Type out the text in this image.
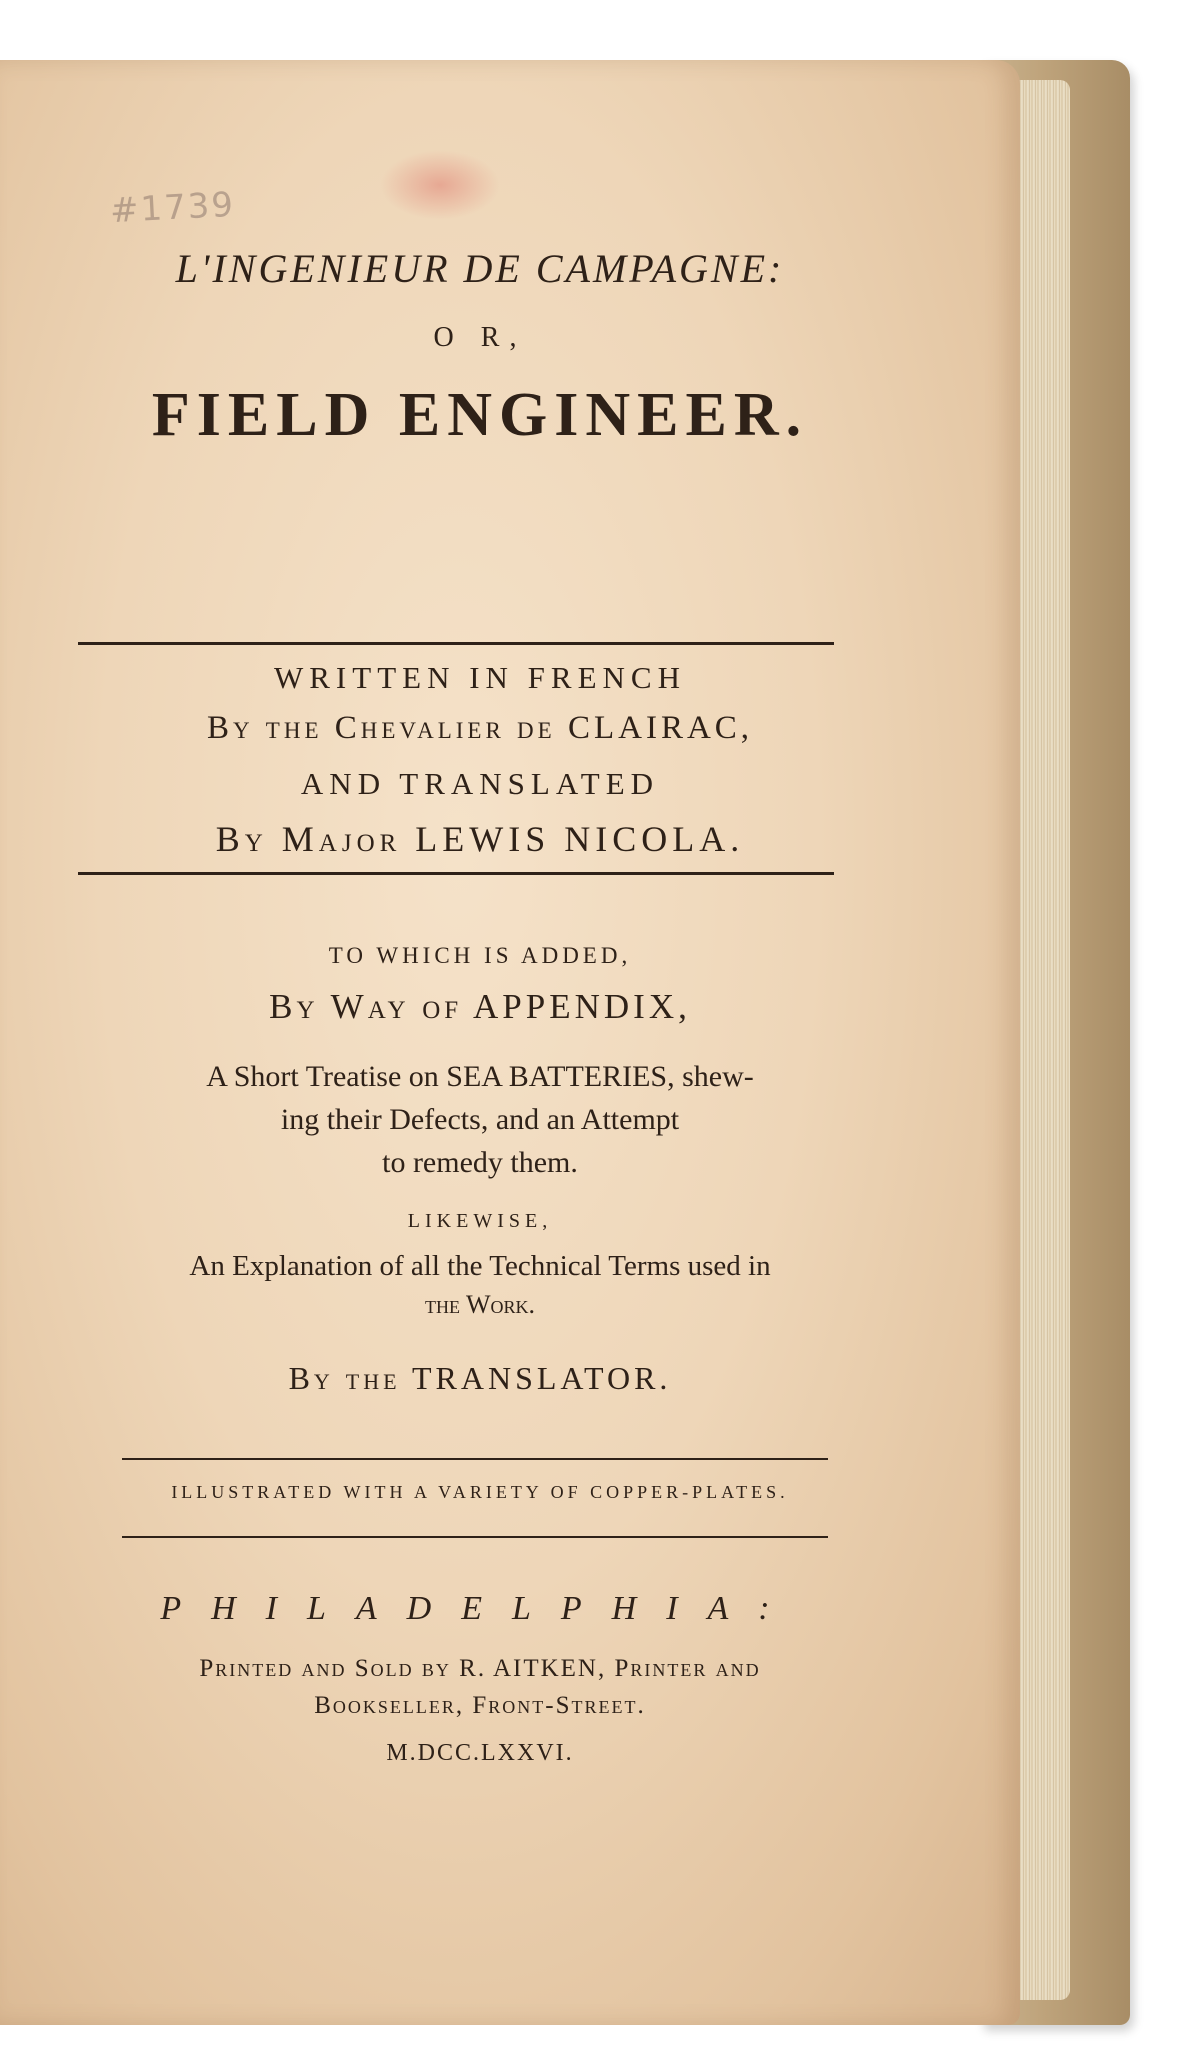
#1739
L'INGENIEUR DE CAMPAGNE:
O R,
FIELD ENGINEER.
WRITTEN IN FRENCH
By the Chevalier de CLAIRAC,
AND TRANSLATED
By Major LEWIS NICOLA.
TO WHICH IS ADDED,
By Way of APPENDIX,
A Short Treatise on SEA BATTERIES, shew-
ing their Defects, and an Attempt
to remedy them.
LIKEWISE,
An Explanation of all the Technical Terms used in
the Work.
By the TRANSLATOR.
ILLUSTRATED WITH A VARIETY OF COPPER-PLATES.
PHILADELPHIA:
Printed and Sold by R. AITKEN, Printer and
Bookseller, Front-Street.
M.DCC.LXXVI.
